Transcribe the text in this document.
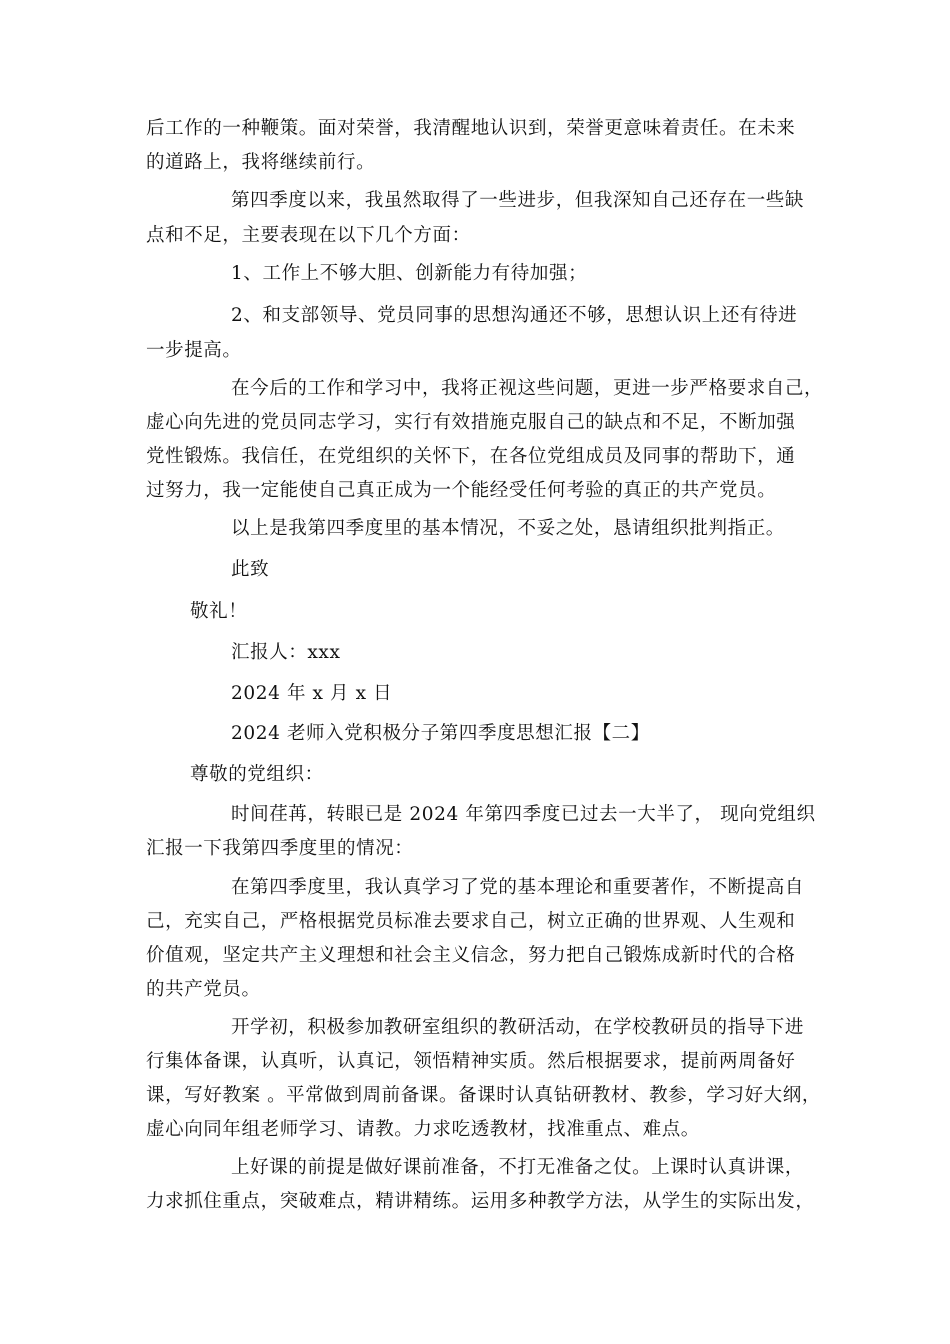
后工作的一种鞭策。面对荣誉，我清醒地认识到，荣誉更意味着责任。在未来
的道路上，我将继续前行。
第四季度以来，我虽然取得了一些进步，但我深知自己还存在一些缺
点和不足，主要表现在以下几个方面：
1、工作上不够大胆、创新能力有待加强；
2、和支部领导、党员同事的思想沟通还不够，思想认识上还有待进
一步提高。
在今后的工作和学习中，我将正视这些问题，更进一步严格要求自己，
虚心向先进的党员同志学习，实行有效措施克服自己的缺点和不足，不断加强
党性锻炼。我信任，在党组织的关怀下，在各位党组成员及同事的帮助下，通
过努力，我一定能使自己真正成为一个能经受任何考验的真正的共产党员。
以上是我第四季度里的基本情况，不妥之处，恳请组织批判指正。
此致
敬礼！
汇报人：xxx
2024 年 x 月 x 日
2024 老师入党积极分子第四季度思想汇报【二】
尊敬的党组织：
时间荏苒，转眼已是 2024 年第四季度已过去一大半了， 现向党组织
汇报一下我第四季度里的情况：
在第四季度里，我认真学习了党的基本理论和重要著作，不断提高自
己，充实自己，严格根据党员标准去要求自己，树立正确的世界观、人生观和
价值观，坚定共产主义理想和社会主义信念，努力把自己锻炼成新时代的合格
的共产党员。
开学初，积极参加教研室组织的教研活动，在学校教研员的指导下进
行集体备课，认真听，认真记，领悟精神实质。然后根据要求，提前两周备好
课，写好教案 。平常做到周前备课。备课时认真钻研教材、教参，学习好大纲，
虚心向同年组老师学习、请教。力求吃透教材，找准重点、难点。
上好课的前提是做好课前准备，不打无准备之仗。上课时认真讲课，
力求抓住重点，突破难点，精讲精练。运用多种教学方法，从学生的实际出发，
